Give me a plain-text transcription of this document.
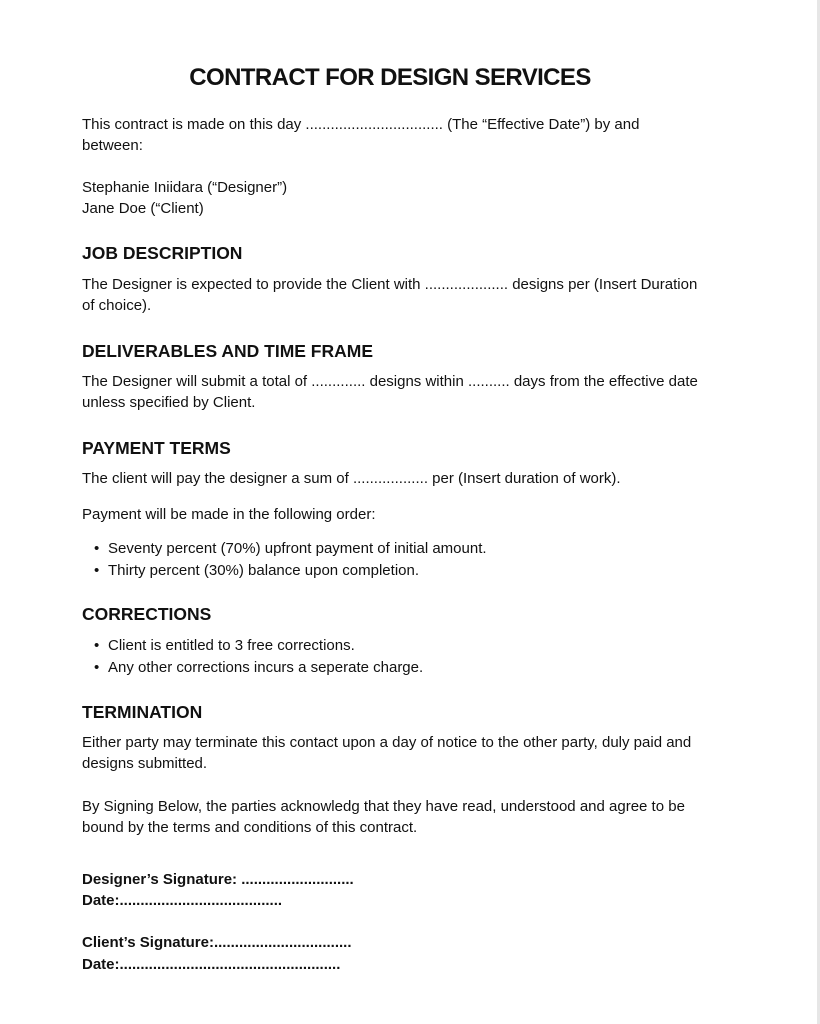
CONTRACT FOR DESIGN SERVICES

This contract is made on this day ................................. (The “Effective Date”) by and

between:

Stephanie Iniidara (“Designer”)

Jane Doe (“Client)

JOB DESCRIPTION

The Designer is expected to provide the Client with .................... designs per (Insert Duration

of choice).

DELIVERABLES AND TIME FRAME

The Designer will submit a total of ............. designs within .......... days from the effective date

unless specified by Client.

PAYMENT TERMS

The client will pay the designer a sum of .................. per (Insert duration of work).

Payment will be made in the following order:

• Seventy percent (70%) upfront payment of initial amount.
• Thirty percent (30%) balance upon completion.
CORRECTIONS
• Client is entitled to 3 free corrections.
• Any other corrections incurs a seperate charge.
TERMINATION

Either party may terminate this contact upon a day of notice to the other party, duly paid and

designs submitted.

By Signing Below, the parties acknowledg that they have read, understood and agree to be

bound by the terms and conditions of this contract.

Designer’s Signature: ...........................

Date:.......................................

Client’s Signature:.................................

Date:.....................................................
